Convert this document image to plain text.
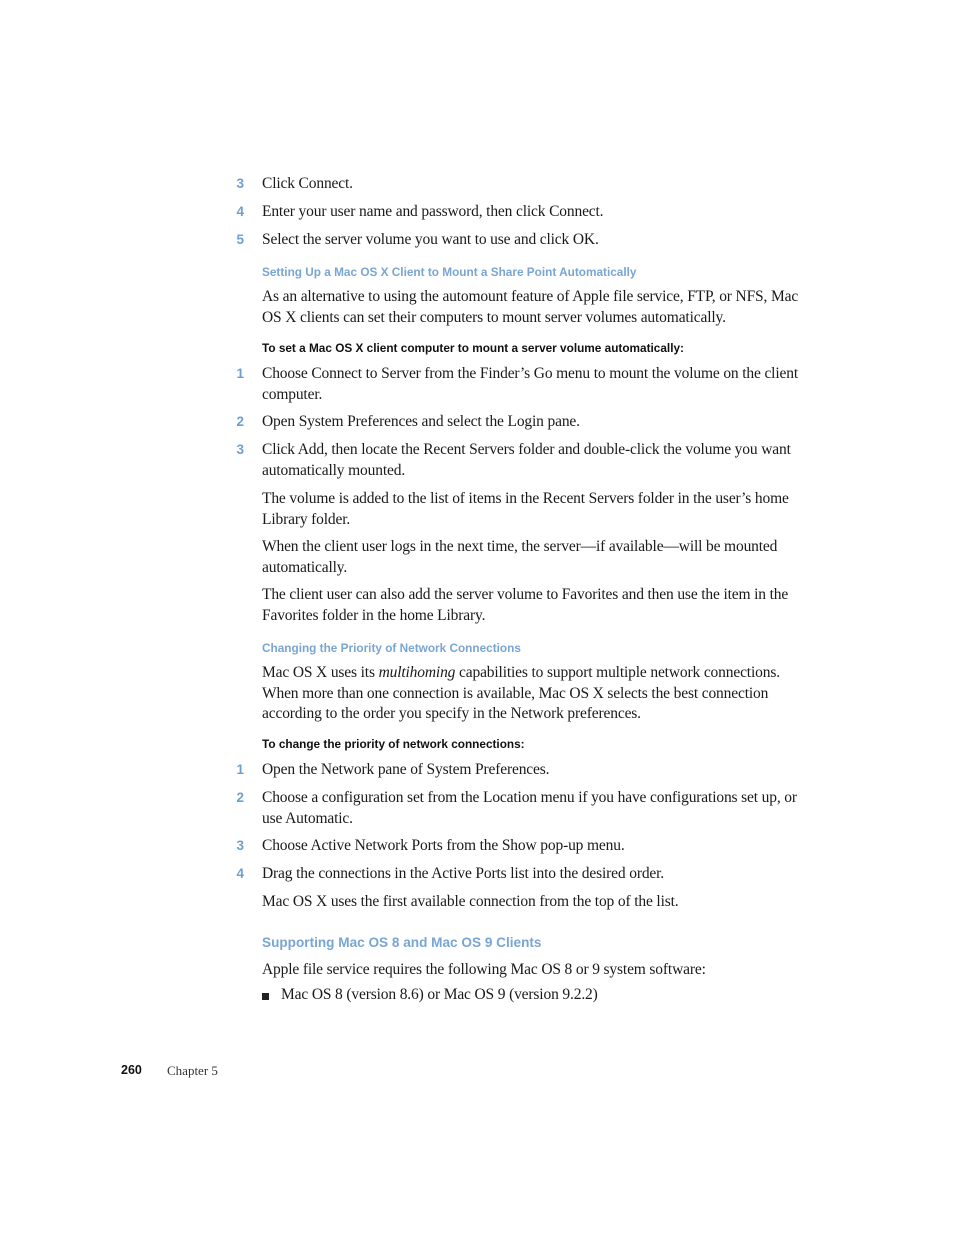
3 Click Connect.
4 Enter your user name and password, then click Connect.
5 Select the server volume you want to use and click OK.
Setting Up a Mac OS X Client to Mount a Share Point Automatically
As an alternative to using the automount feature of Apple file service, FTP, or NFS, Mac OS X clients can set their computers to mount server volumes automatically.
To set a Mac OS X client computer to mount a server volume automatically:
1 Choose Connect to Server from the Finder’s Go menu to mount the volume on the client computer.
2 Open System Preferences and select the Login pane.
3 Click Add, then locate the Recent Servers folder and double-click the volume you want automatically mounted.
The volume is added to the list of items in the Recent Servers folder in the user’s home Library folder.
When the client user logs in the next time, the server—if available—will be mounted automatically.
The client user can also add the server volume to Favorites and then use the item in the Favorites folder in the home Library.
Changing the Priority of Network Connections
Mac OS X uses its multihoming capabilities to support multiple network connections. When more than one connection is available, Mac OS X selects the best connection according to the order you specify in the Network preferences.
To change the priority of network connections:
1 Open the Network pane of System Preferences.
2 Choose a configuration set from the Location menu if you have configurations set up, or use Automatic.
3 Choose Active Network Ports from the Show pop-up menu.
4 Drag the connections in the Active Ports list into the desired order.
Mac OS X uses the first available connection from the top of the list.
Supporting Mac OS 8 and Mac OS 9 Clients
Apple file service requires the following Mac OS 8 or 9 system software:
Mac OS 8 (version 8.6) or Mac OS 9 (version 9.2.2)
260 Chapter 5
